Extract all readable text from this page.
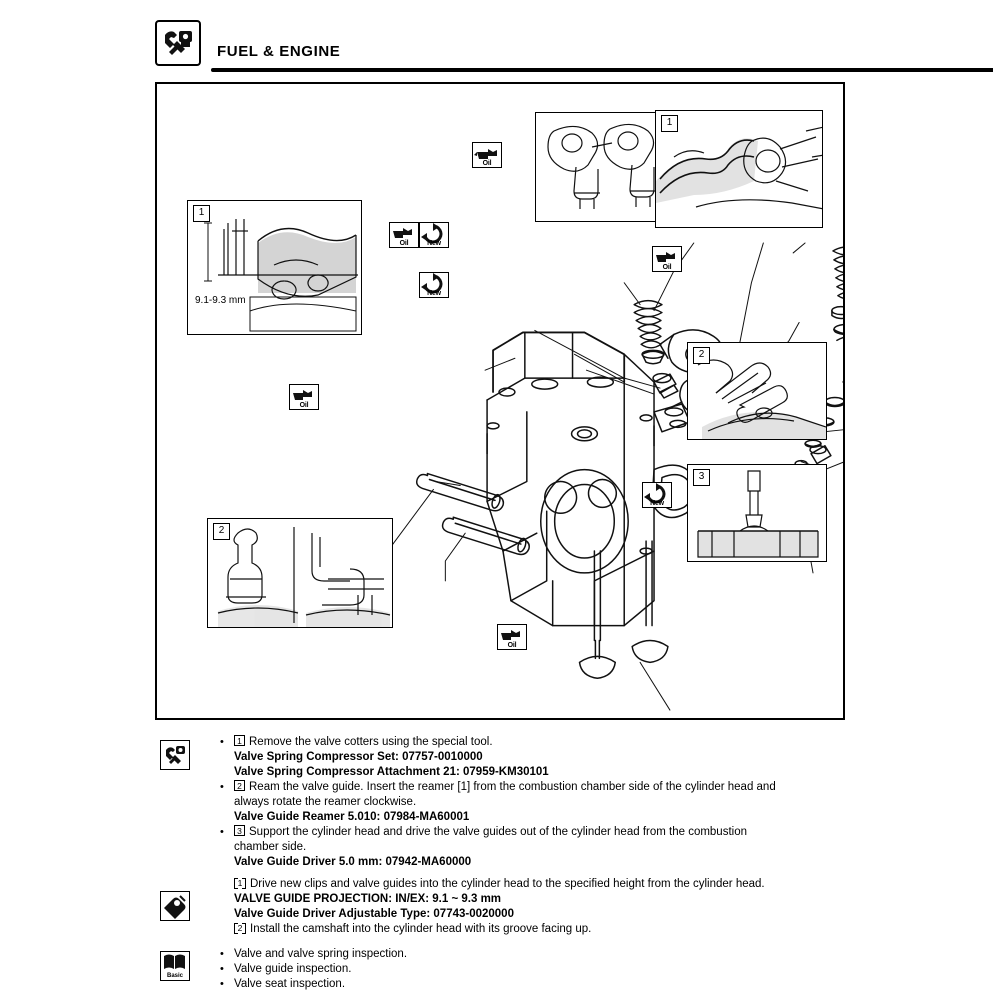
FUEL & ENGINE
1
9.1-9.3 mm
1
2
3
2
Oil
Oil	New
New
Oil
Oil
New
Oil
• 1 Remove the valve cotters using the special tool.
Valve Spring Compressor Set: 07757-0010000
Valve Spring Compressor Attachment 21: 07959-KM30101
• 2 Ream the valve guide. Insert the reamer [1] from the combustion chamber side of the cylinder head and
always rotate the reamer clockwise.
Valve Guide Reamer 5.010: 07984-MA60001
• 3 Support the cylinder head and drive the valve guides out of the cylinder head from the combustion
chamber side.
Valve Guide Driver 5.0 mm: 07942-MA60000
1 Drive new clips and valve guides into the cylinder head to the specified height from the cylinder head.
VALVE GUIDE PROJECTION: IN/EX: 9.1 ~ 9.3 mm
Valve Guide Driver Adjustable Type: 07743-0020000
2 Install the camshaft into the cylinder head with its groove facing up.
Basic
• Valve and valve spring inspection.
• Valve guide inspection.
• Valve seat inspection.
